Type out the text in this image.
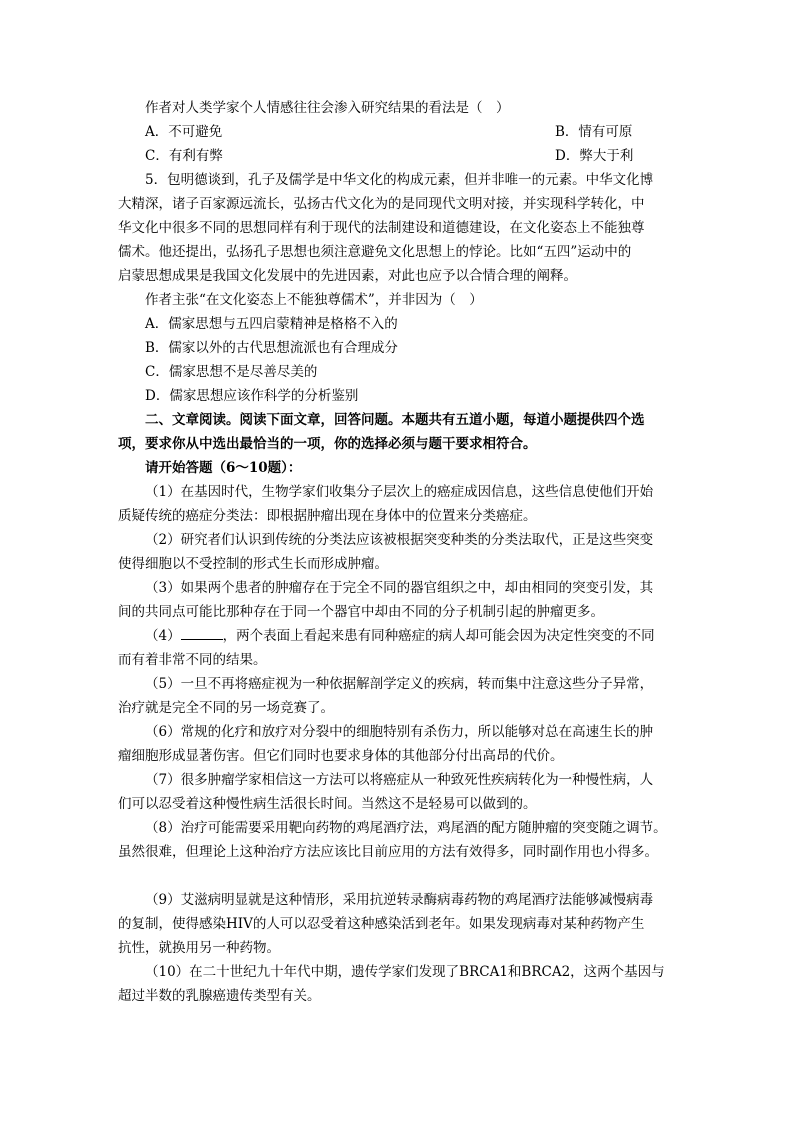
作者对人类学家个人情感往往会渗入研究结果的看法是（　）

A．不可避免	B．情有可原
C．有利有弊	D．弊大于利

5．包明德谈到，孔子及儒学是中华文化的构成元素，但并非唯一的元素。中华文化博

大精深，诸子百家源远流长，弘扬古代文化为的是同现代文明对接，并实现科学转化，中

华文化中很多不同的思想同样有利于现代的法制建设和道德建设，在文化姿态上不能独尊

儒术。他还提出，弘扬孔子思想也须注意避免文化思想上的悖论。比如“五四”运动中的

启蒙思想成果是我国文化发展中的先进因素，对此也应予以合情合理的阐释。

作者主张“在文化姿态上不能独尊儒术”，并非因为（　）

A．儒家思想与五四启蒙精神是格格不入的

B．儒家以外的古代思想流派也有合理成分

C．儒家思想不是尽善尽美的

D．儒家思想应该作科学的分析鉴别

二、文章阅读。阅读下面文章，回答问题。本题共有五道小题，每道小题提供四个选

项，要求你从中选出最恰当的一项，你的选择必须与题干要求相符合。

请开始答题（6～10题）：

（1）在基因时代，生物学家们收集分子层次上的癌症成因信息，这些信息使他们开始

质疑传统的癌症分类法：即根据肿瘤出现在身体中的位置来分类癌症。

（2）研究者们认识到传统的分类法应该被根据突变种类的分类法取代，正是这些突变

使得细胞以不受控制的形式生长而形成肿瘤。

（3）如果两个患者的肿瘤存在于完全不同的器官组织之中，却由相同的突变引发，其

间的共同点可能比那种存在于同一个器官中却由不同的分子机制引起的肿瘤更多。

（4）	，两个表面上看起来患有同种癌症的病人却可能会因为决定性突变的不同

而有着非常不同的结果。

（5）一旦不再将癌症视为一种依据解剖学定义的疾病，转而集中注意这些分子异常，

治疗就是完全不同的另一场竞赛了。

（6）常规的化疗和放疗对分裂中的细胞特别有杀伤力，所以能够对总在高速生长的肿

瘤细胞形成显著伤害。但它们同时也要求身体的其他部分付出高昂的代价。

（7）很多肿瘤学家相信这一方法可以将癌症从一种致死性疾病转化为一种慢性病，人

们可以忍受着这种慢性病生活很长时间。当然这不是轻易可以做到的。

（8）治疗可能需要采用靶向药物的鸡尾酒疗法，鸡尾酒的配方随肿瘤的突变随之调节。

虽然很难，但理论上这种治疗方法应该比目前应用的方法有效得多，同时副作用也小得多。

（9）艾滋病明显就是这种情形，采用抗逆转录酶病毒药物的鸡尾酒疗法能够减慢病毒

的复制，使得感染HIV的人可以忍受着这种感染活到老年。如果发现病毒对某种药物产生

抗性，就换用另一种药物。

（10）在二十世纪九十年代中期，遗传学家们发现了BRCA1和BRCA2，这两个基因与

超过半数的乳腺癌遗传类型有关。
